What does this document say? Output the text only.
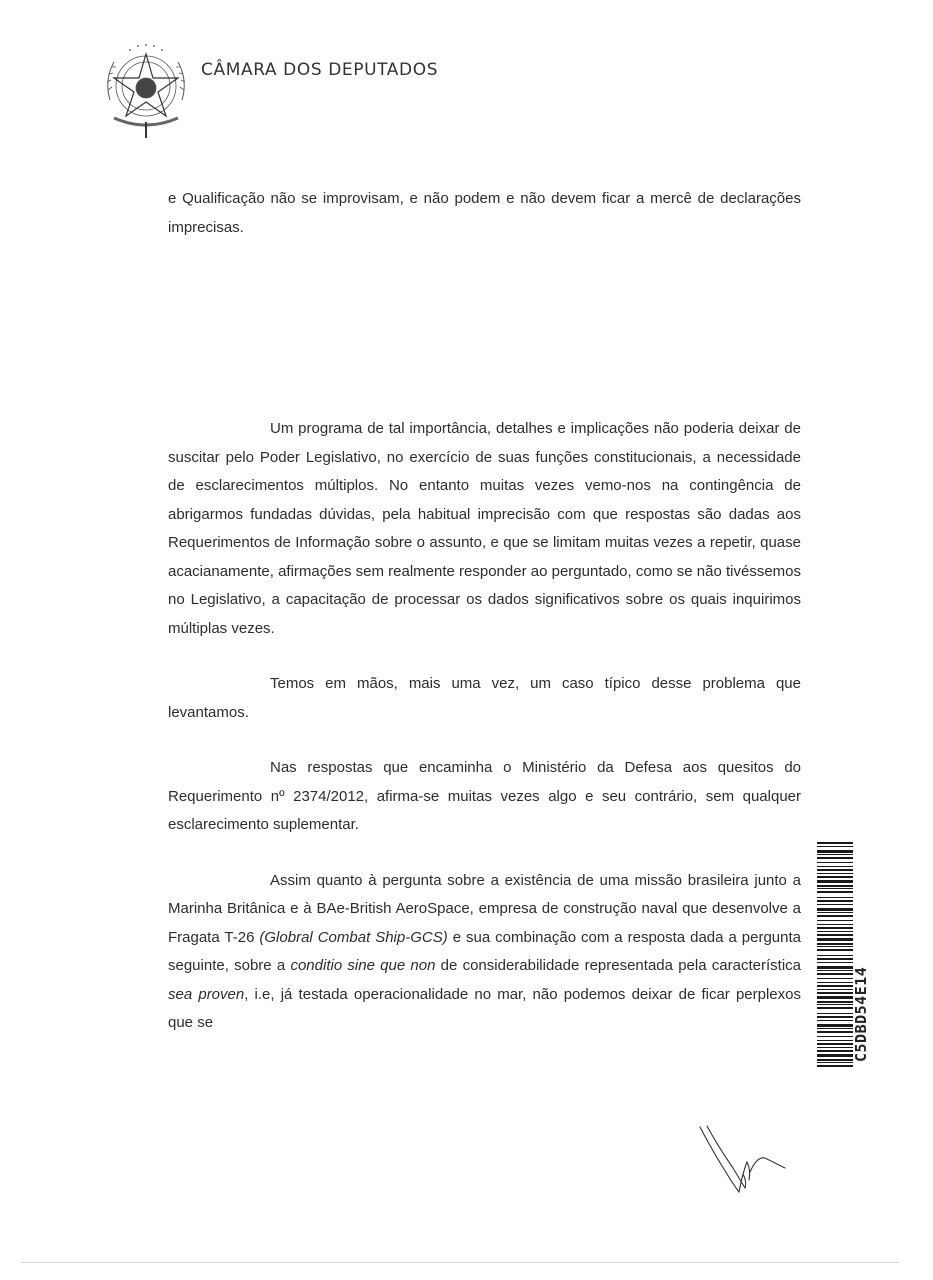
CÂMARA DOS DEPUTADOS

e Qualificação não se improvisam, e não podem e não devem ficar a mercê de declarações imprecisas.

Um programa de tal importância, detalhes e implicações não poderia deixar de suscitar pelo Poder Legislativo, no exercício de suas funções constitucionais, a necessidade de esclarecimentos múltiplos. No entanto muitas vezes vemo-nos na contingência de abrigarmos fundadas dúvidas, pela habitual imprecisão com que respostas são dadas aos Requerimentos de Informação sobre o assunto, e que se limitam muitas vezes a repetir, quase acacianamente, afirmações sem realmente responder ao perguntado, como se não tivéssemos no Legislativo, a capacitação de processar os dados significativos sobre os quais inquirimos múltiplas vezes.

Temos em mãos, mais uma vez, um caso típico desse problema que levantamos.

Nas respostas que encaminha o Ministério da Defesa aos quesitos do Requerimento nº 2374/2012, afirma-se muitas vezes algo e seu contrário, sem qualquer esclarecimento suplementar.

Assim quanto à pergunta sobre a existência de uma missão brasileira junto a Marinha Britânica e à BAe-British AeroSpace, empresa de construção naval que desenvolve a Fragata T-26 (Globral Combat Ship-GCS) e sua combinação com a resposta dada a pergunta seguinte, sobre a conditio sine que non de considerabilidade representada pela característica sea proven, i.e, já testada operacionalidade no mar, não podemos deixar de ficar perplexos que se	C5DBD54E14
